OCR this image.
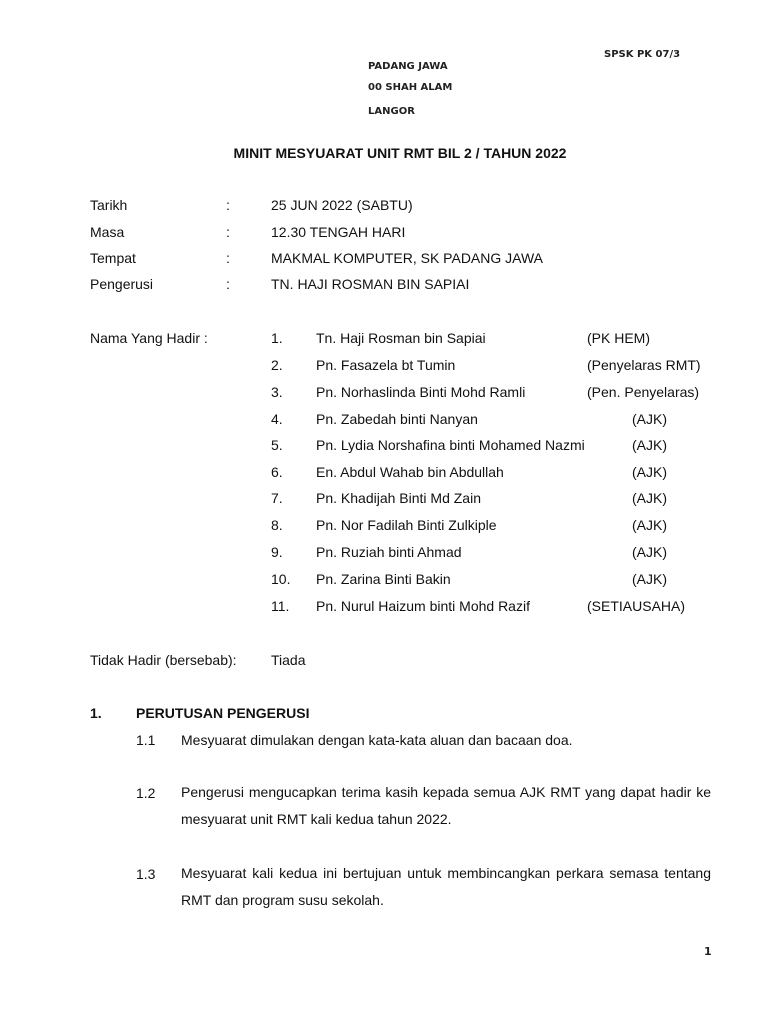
SPSK PK 07/3
PADANG JAWA
00 SHAH ALAM
LANGOR
MINIT MESYUARAT UNIT RMT BIL 2 / TAHUN 2022
Tarikh	:	25 JUN 2022 (SABTU)
Masa	:	12.30 TENGAH HARI
Tempat	:	MAKMAL KOMPUTER, SK PADANG JAWA
Pengerusi	:	TN. HAJI ROSMAN BIN SAPIAI
Nama Yang Hadir :	1. Tn. Haji Rosman bin Sapiai	(PK HEM)
2. Pn. Fasazela bt Tumin	(Penyelaras RMT)
3. Pn. Norhaslinda Binti Mohd Ramli	(Pen. Penyelaras)
4. Pn. Zabedah binti Nanyan	(AJK)
5. Pn. Lydia Norshafina binti Mohamed Nazmi	(AJK)
6. En. Abdul Wahab bin Abdullah	(AJK)
7. Pn. Khadijah Binti Md Zain	(AJK)
8. Pn. Nor Fadilah Binti Zulkiple	(AJK)
9. Pn. Ruziah binti Ahmad	(AJK)
10. Pn. Zarina Binti Bakin	(AJK)
11. Pn. Nurul Haizum binti Mohd Razif	(SETIAUSAHA)
Tidak Hadir (bersebab): Tiada
1. PERUTUSAN PENGERUSI
1.1 Mesyuarat dimulakan dengan kata-kata aluan dan bacaan doa.
1.2 Pengerusi mengucapkan terima kasih kepada semua AJK RMT yang dapat hadir ke mesyuarat unit RMT kali kedua tahun 2022.
1.3 Mesyuarat kali kedua ini bertujuan untuk membincangkan perkara semasa tentang RMT dan program susu sekolah.
1
